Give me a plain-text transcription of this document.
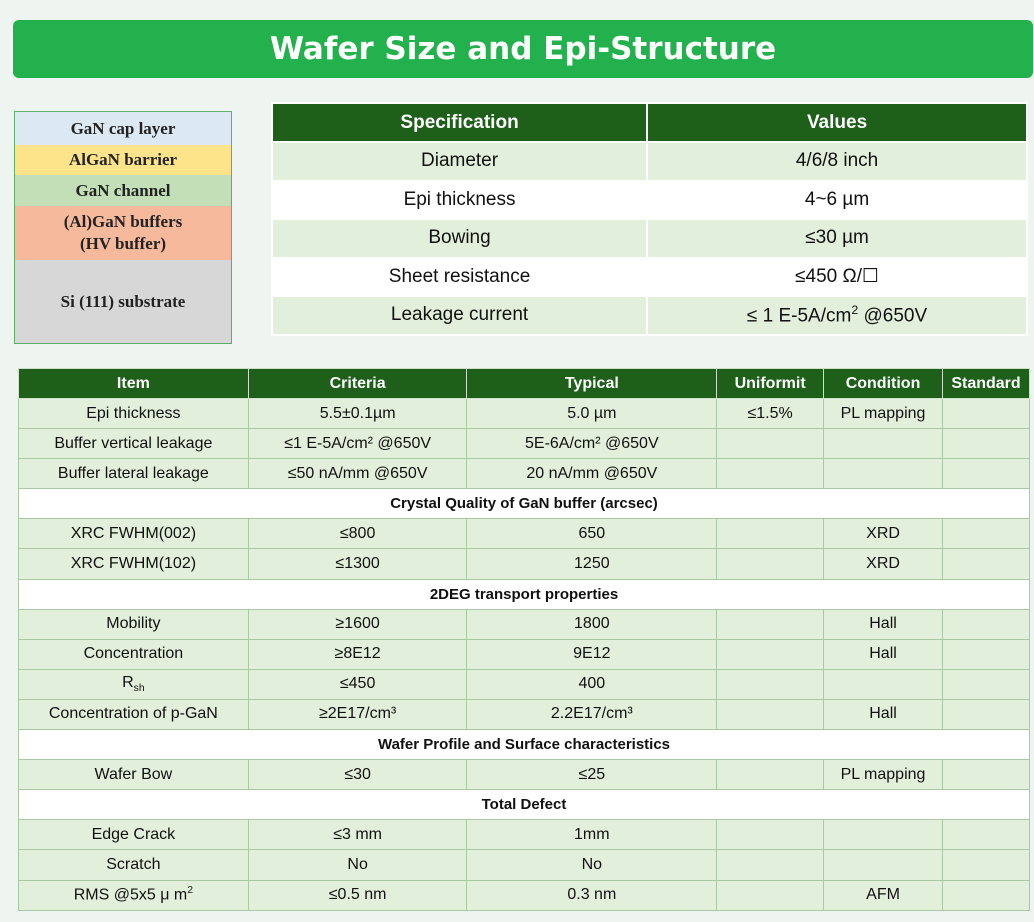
Wafer Size and Epi-Structure
GaN cap layer
AlGaN barrier
GaN channel
(Al)GaN buffers
(HV buffer)
Si (111) substrate
Specification	Values
Diameter	4/6/8 inch
Epi thickness	4~6 µm
Bowing	≤30 µm
Sheet resistance	≤450 Ω/☐
Leakage current	≤ 1 $E-5A/cm^2$ @650V
Item	Criteria	Typical	Uniformit	Condition	Standard
Epi thickness	5.5±0.1µm	5.0 µm	≤1.5%	PL mapping	
Buffer vertical leakage	≤1 E-5A/cm² @650V	5E-6A/cm² @650V			
Buffer lateral leakage	≤50 nA/mm @650V	20 nA/mm @650V			
Crystal Quality of GaN buffer (arcsec)					
XRC FWHM(002)	≤800	650		XRD	
XRC FWHM(102)	≤1300	1250		XRD	
2DEG transport properties					
Mobility	≥1600	1800		Hall	
Concentration	≥8E12	9E12		Hall	
$R_{sh}$	≤450	400			
Concentration of p-GaN	≥2E17/cm³	2.2E17/cm³		Hall	
Wafer Profile and Surface characteristics					
Wafer Bow	≤30	≤25		PL mapping	
Total Defect					
Edge Crack	≤3 mm	1mm			
Scratch	No	No			
RMS @5x5 μ $m^2$	≤0.5 nm	0.3 nm		AFM	
